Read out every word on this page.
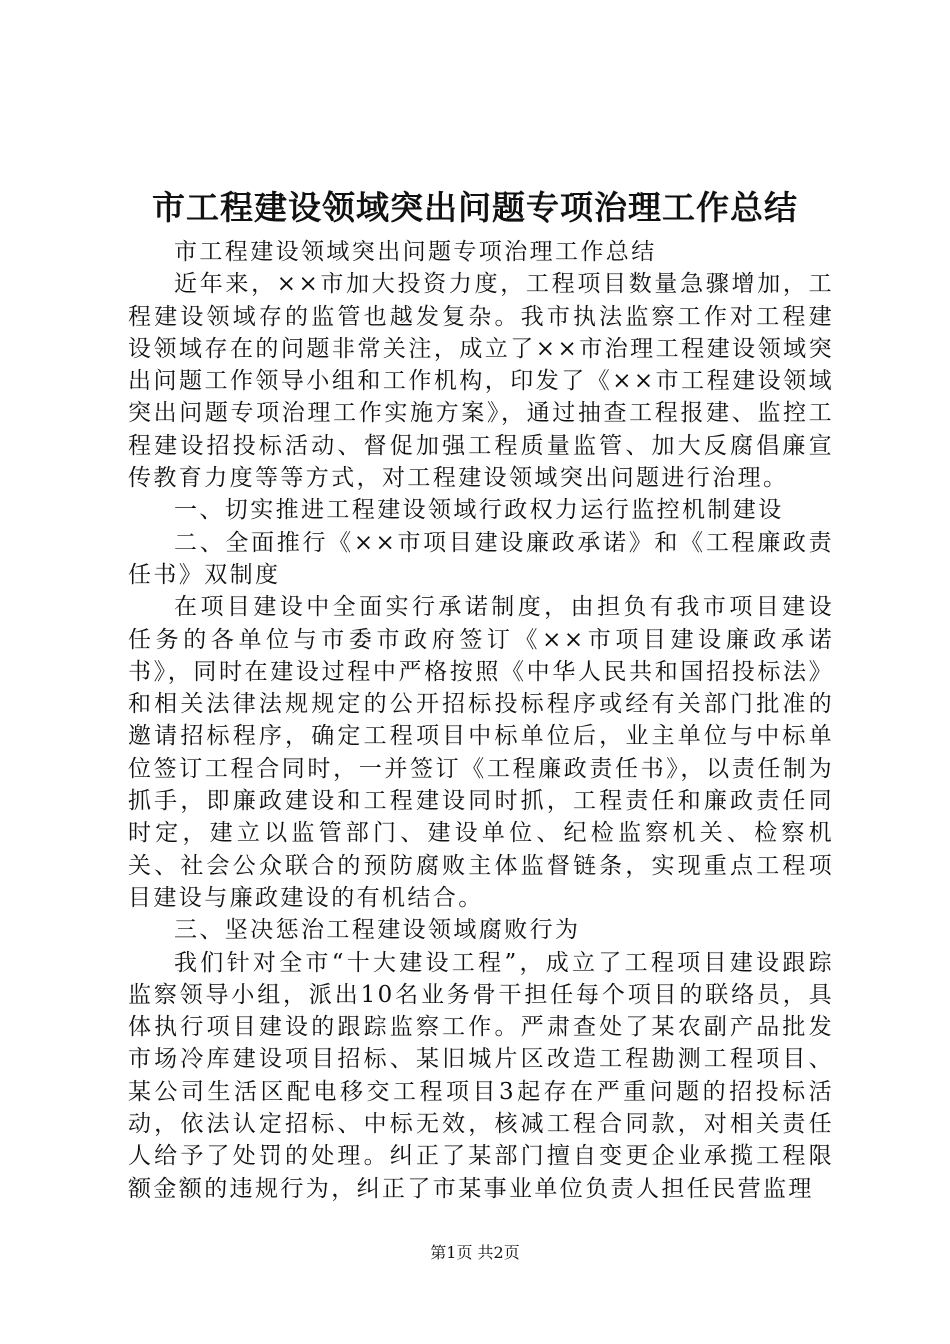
市工程建设领域突出问题专项治理工作总结

市工程建设领域突出问题专项治理工作总结

近年来，××市加大投资力度，工程项目数量急骤增加，工程建设领域存的监管也越发复杂。我市执法监察工作对工程建设领域存在的问题非常关注，成立了××市治理工程建设领域突出问题工作领导小组和工作机构，印发了《××市工程建设领域突出问题专项治理工作实施方案》，通过抽查工程报建、监控工程建设招投标活动、督促加强工程质量监管、加大反腐倡廉宣传教育力度等等方式，对工程建设领域突出问题进行治理。

一、切实推进工程建设领域行政权力运行监控机制建设

二、全面推行《××市项目建设廉政承诺》和《工程廉政责任书》双制度

在项目建设中全面实行承诺制度，由担负有我市项目建设任务的各单位与市委市政府签订《××市项目建设廉政承诺书》，同时在建设过程中严格按照《中华人民共和国招投标法》和相关法律法规规定的公开招标投标程序或经有关部门批准的邀请招标程序，确定工程项目中标单位后，业主单位与中标单位签订工程合同时，一并签订《工程廉政责任书》，以责任制为抓手，即廉政建设和工程建设同时抓，工程责任和廉政责任同时定，建立以监管部门、建设单位、纪检监察机关、检察机关、社会公众联合的预防腐败主体监督链条，实现重点工程项目建设与廉政建设的有机结合。

三、坚决惩治工程建设领域腐败行为

我们针对全市“十大建设工程”，成立了工程项目建设跟踪监察领导小组，派出10名业务骨干担任每个项目的联络员，具体执行项目建设的跟踪监察工作。严肃查处了某农副产品批发市场冷库建设项目招标、某旧城片区改造工程勘测工程项目、某公司生活区配电移交工程项目3起存在严重问题的招投标活动，依法认定招标、中标无效，核减工程合同款，对相关责任人给予了处罚的处理。纠正了某部门擅自变更企业承揽工程限额金额的违规行为，纠正了市某事业单位负责人担任民营监理

第1页 共2页
